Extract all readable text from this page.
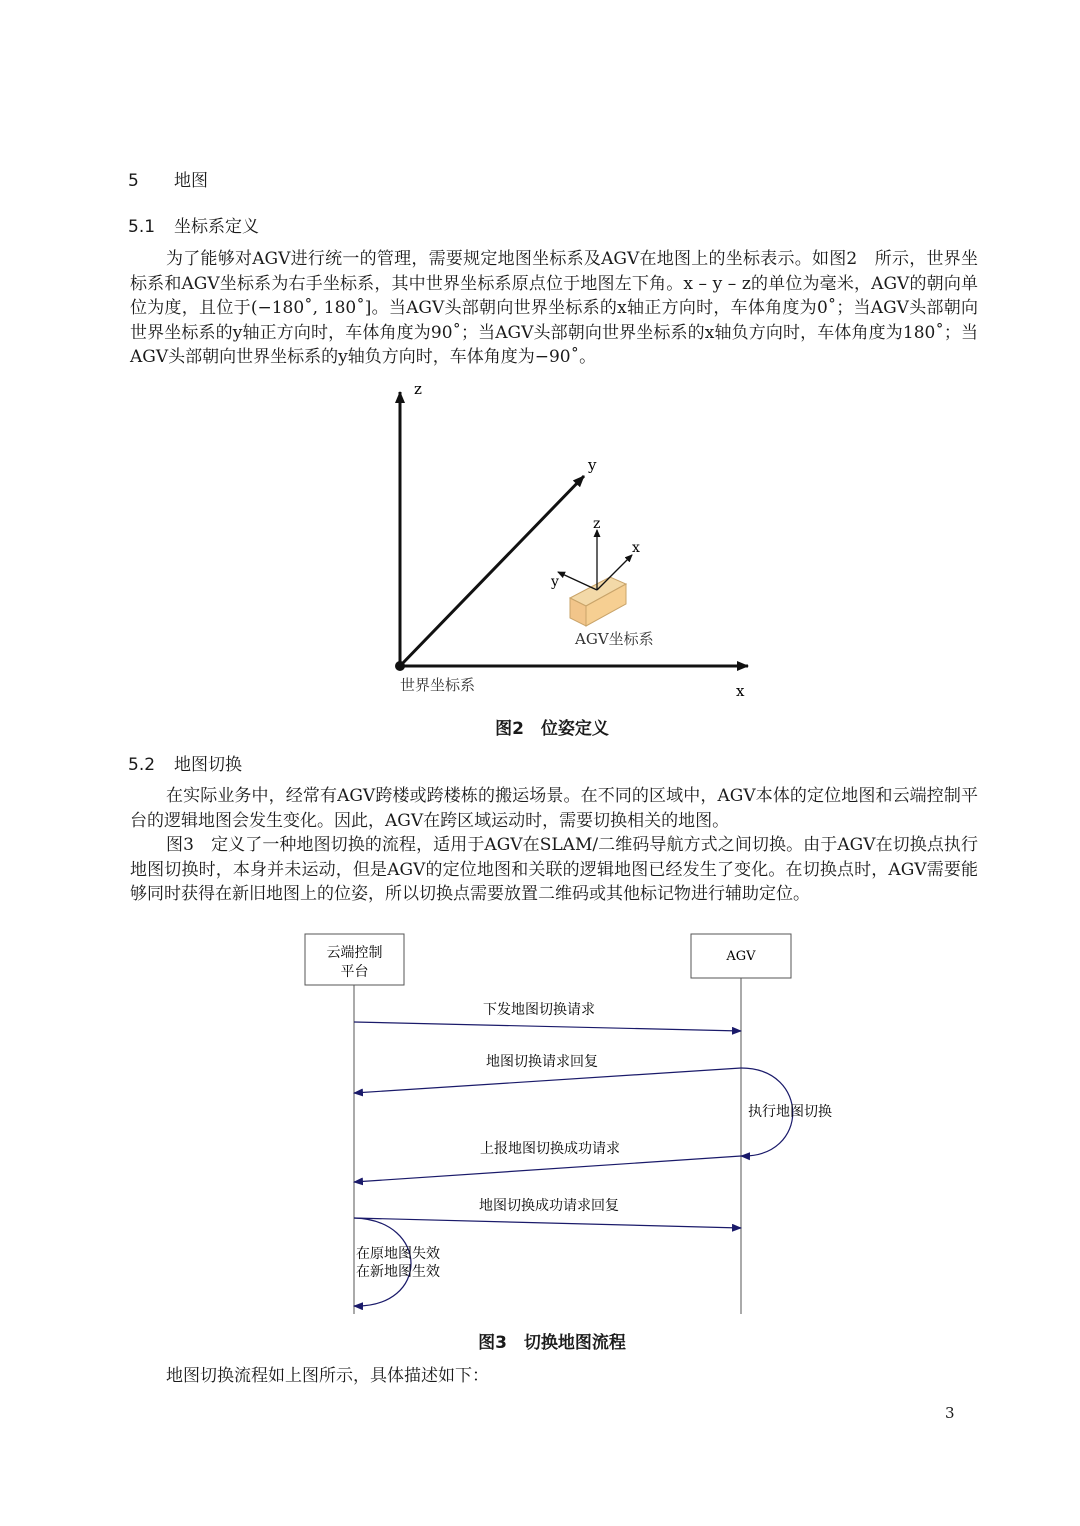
5 地图
5.1 坐标系定义

为了能够对AGV进行统一的管理，需要规定地图坐标系及AGV在地图上的坐标表示。如图2　所示，世界坐标系和AGV坐标系为右手坐标系，其中世界坐标系原点位于地图左下角。x – y – z的单位为毫米，AGV的朝向单位为度，且位于(−180˚, 180˚]。当AGV头部朝向世界坐标系的x轴正方向时，车体角度为0˚；当AGV头部朝向世界坐标系的y轴正方向时，车体角度为90˚；当AGV头部朝向世界坐标系的x轴负方向时，车体角度为180˚；当AGV头部朝向世界坐标系的y轴负方向时，车体角度为−90˚。

z
y
x
世界坐标系
z
x
y
AGV坐标系
图2　位姿定义
5.2 地图切换

在实际业务中，经常有AGV跨楼或跨楼栋的搬运场景。在不同的区域中，AGV本体的定位地图和云端控制平台的逻辑地图会发生变化。因此，AGV在跨区域运动时，需要切换相关的地图。

图3　定义了一种地图切换的流程，适用于AGV在SLAM/二维码导航方式之间切换。由于AGV在切换点执行地图切换时，本身并未运动，但是AGV的定位地图和关联的逻辑地图已经发生了变化。在切换点时，AGV需要能够同时获得在新旧地图上的位姿，所以切换点需要放置二维码或其他标记物进行辅助定位。

云端控制
平台
AGV
下发地图切换请求
地图切换请求回复
执行地图切换
上报地图切换成功请求
地图切换成功请求回复
在原地图失效
在新地图生效
图3　切换地图流程

地图切换流程如上图所示，具体描述如下：

3
